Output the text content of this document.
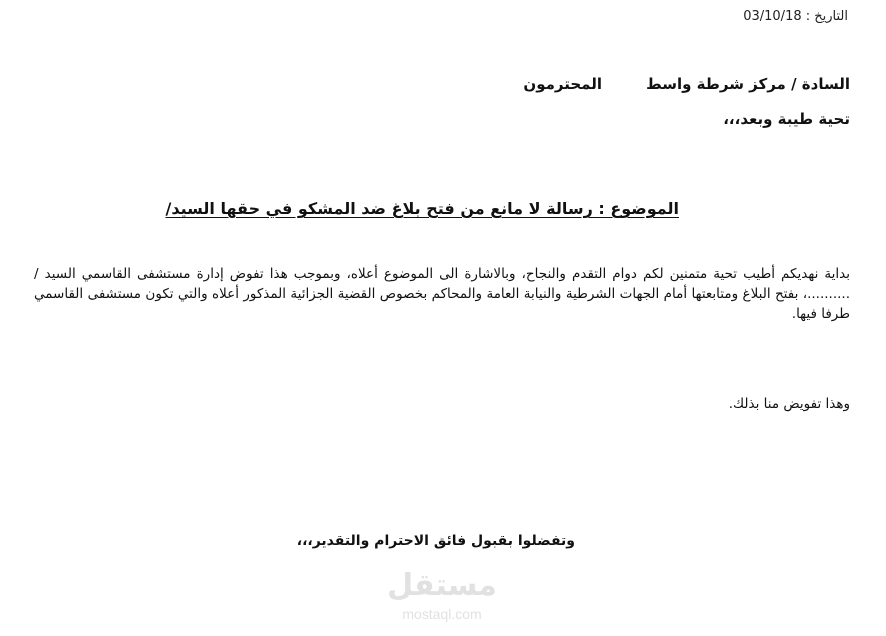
التاريخ : 03/10/18
السادة / مركز شرطة واسط
المحترمون
تحية طيبة وبعد،،،
الموضوع : رسالة لا مانع من فتح بلاغ ضد المشكو في حقها السيد/

بداية نهديكم أطيب تحية متمنين لكم دوام التقدم والنجاح، وبالاشارة الى الموضوع أعلاه، وبموجب هذا تفوض إدارة مستشفى القاسمي السيد / ..........، بفتح البلاغ ومتابعتها أمام الجهات الشرطية والنيابة العامة والمحاكم بخصوص القضية الجزائية المذكور أعلاه والتي تكون مستشفى القاسمي طرفا فيها.

وهذا تفويض منا بذلك.
وتفضلوا بقبول فائق الاحترام والتقدير،،،
مستقل
mostaql.com
